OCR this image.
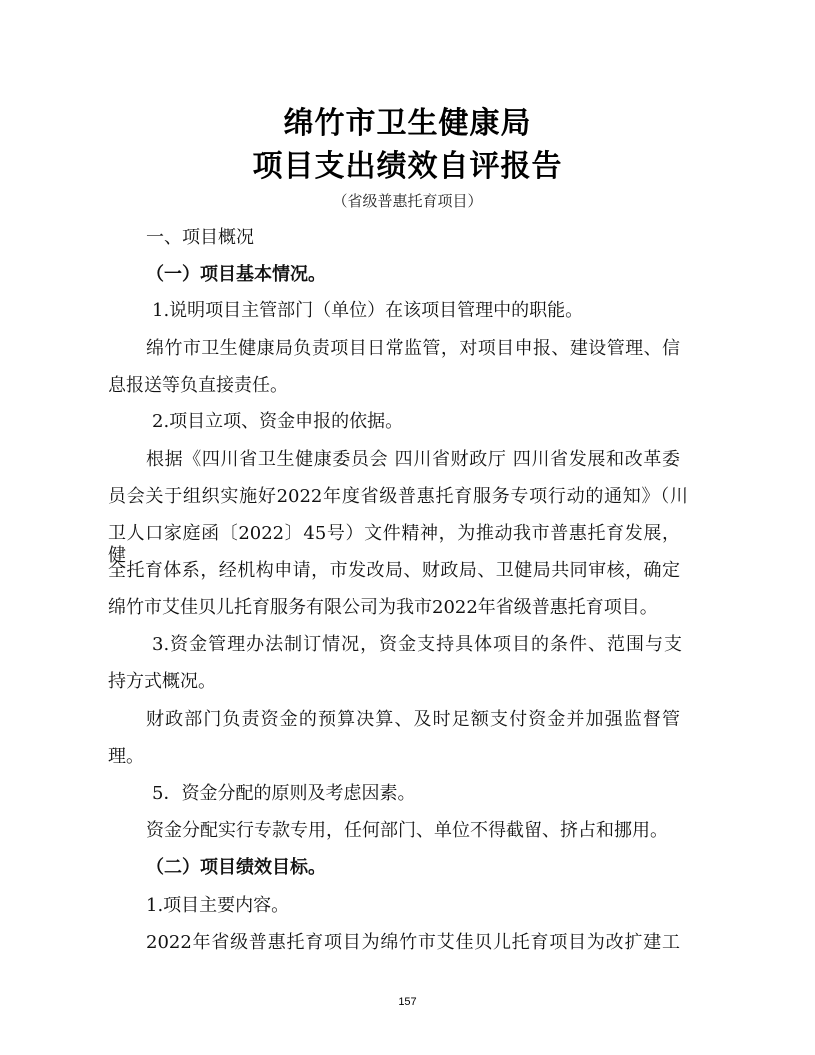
绵竹市卫生健康局
项目支出绩效自评报告
（省级普惠托育项目）
一、项目概况
（一）项目基本情况。
1.说明项目主管部门（单位）在该项目管理中的职能。
绵竹市卫生健康局负责项目日常监管，对项目申报、建设管理、信
息报送等负直接责任。
2.项目立项、资金申报的依据。
根据《四川省卫生健康委员会 四川省财政厅 四川省发展和改革委
员会关于组织实施好2022年度省级普惠托育服务专项行动的通知》（川
卫人口家庭函〔2022〕45号）文件精神，为推动我市普惠托育发展，健
全托育体系，经机构申请，市发改局、财政局、卫健局共同审核，确定
绵竹市艾佳贝儿托育服务有限公司为我市2022年省级普惠托育项目。
3.资金管理办法制订情况，资金支持具体项目的条件、范围与支
持方式概况。
财政部门负责资金的预算决算、及时足额支付资金并加强监督管
理。
5．资金分配的原则及考虑因素。
资金分配实行专款专用，任何部门、单位不得截留、挤占和挪用。
（二）项目绩效目标。
1.项目主要内容。
2022年省级普惠托育项目为绵竹市艾佳贝儿托育项目为改扩建工
157
